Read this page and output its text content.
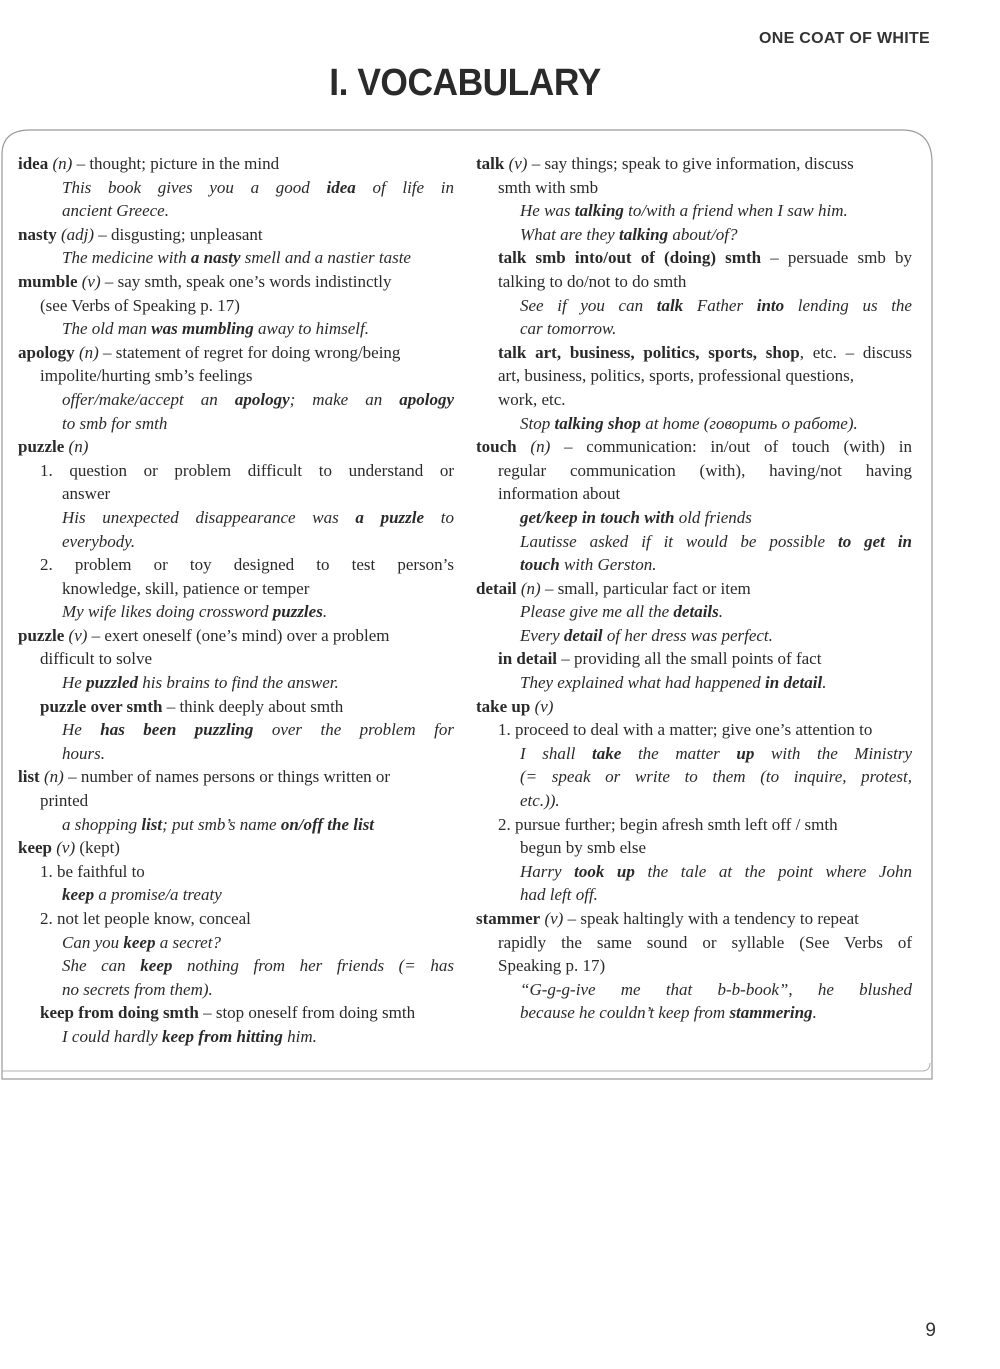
ONE COAT OF WHITE
I. VOCABULARY
idea (n) – thought; picture in the mind
This book gives you a good idea of life in
ancient Greece.
nasty (adj) – disgusting; unpleasant
The medicine with a nasty smell and a nastier taste
mumble (v) – say smth, speak one’s words indistinctly
(see Verbs of Speaking p. 17)
The old man was mumbling away to himself.
apology (n) – statement of regret for doing wrong/being
impolite/hurting smb’s feelings
offer/make/accept an apology; make an apology
to smb for smth
puzzle (n)
1. question or problem difficult to understand or
answer
His unexpected disappearance was a puzzle to
everybody.
2. problem or toy designed to test person’s
knowledge, skill, patience or temper
My wife likes doing crossword puzzles.
puzzle (v) – exert oneself (one’s mind) over a problem
difficult to solve
He puzzled his brains to find the answer.
puzzle over smth – think deeply about smth
He has been puzzling over the problem for
hours.
list (n) – number of names persons or things written or
printed
a shopping list; put smb’s name on/off the list
keep (v) (kept)
1. be faithful to
keep a promise/a treaty
2. not let people know, conceal
Can you keep a secret?
She can keep nothing from her friends (= has
no secrets from them).
keep from doing smth – stop oneself from doing smth
I could hardly keep from hitting him.
talk (v) – say things; speak to give information, discuss
smth with smb
He was talking to/with a friend when I saw him.
What are they talking about/of?
talk smb into/out of (doing) smth – persuade smb by
talking to do/not to do smth
See if you can talk Father into lending us the
car tomorrow.
talk art, business, politics, sports, shop, etc. – discuss
art, business, politics, sports, professional questions,
work, etc.
Stop talking shop at home (говорить о работе).
touch (n) – communication: in/out of touch (with) in
regular communication (with), having/not having
information about
get/keep in touch with old friends
Lautisse asked if it would be possible to get in
touch with Gerston.
detail (n) – small, particular fact or item
Please give me all the details.
Every detail of her dress was perfect.
in detail – providing all the small points of fact
They explained what had happened in detail.
take up (v)
1. proceed to deal with a matter; give one’s attention to
I shall take the matter up with the Ministry
(= speak or write to them (to inquire, protest,
etc.)).
2. pursue further; begin afresh smth left off / smth
begun by smb else
Harry took up the tale at the point where John
had left off.
stammer (v) – speak haltingly with a tendency to repeat
rapidly the same sound or syllable (See Verbs of
Speaking p. 17)
“G-g-g-ive me that b-b-book”, he blushed
because he couldn’t keep from stammering.
9
